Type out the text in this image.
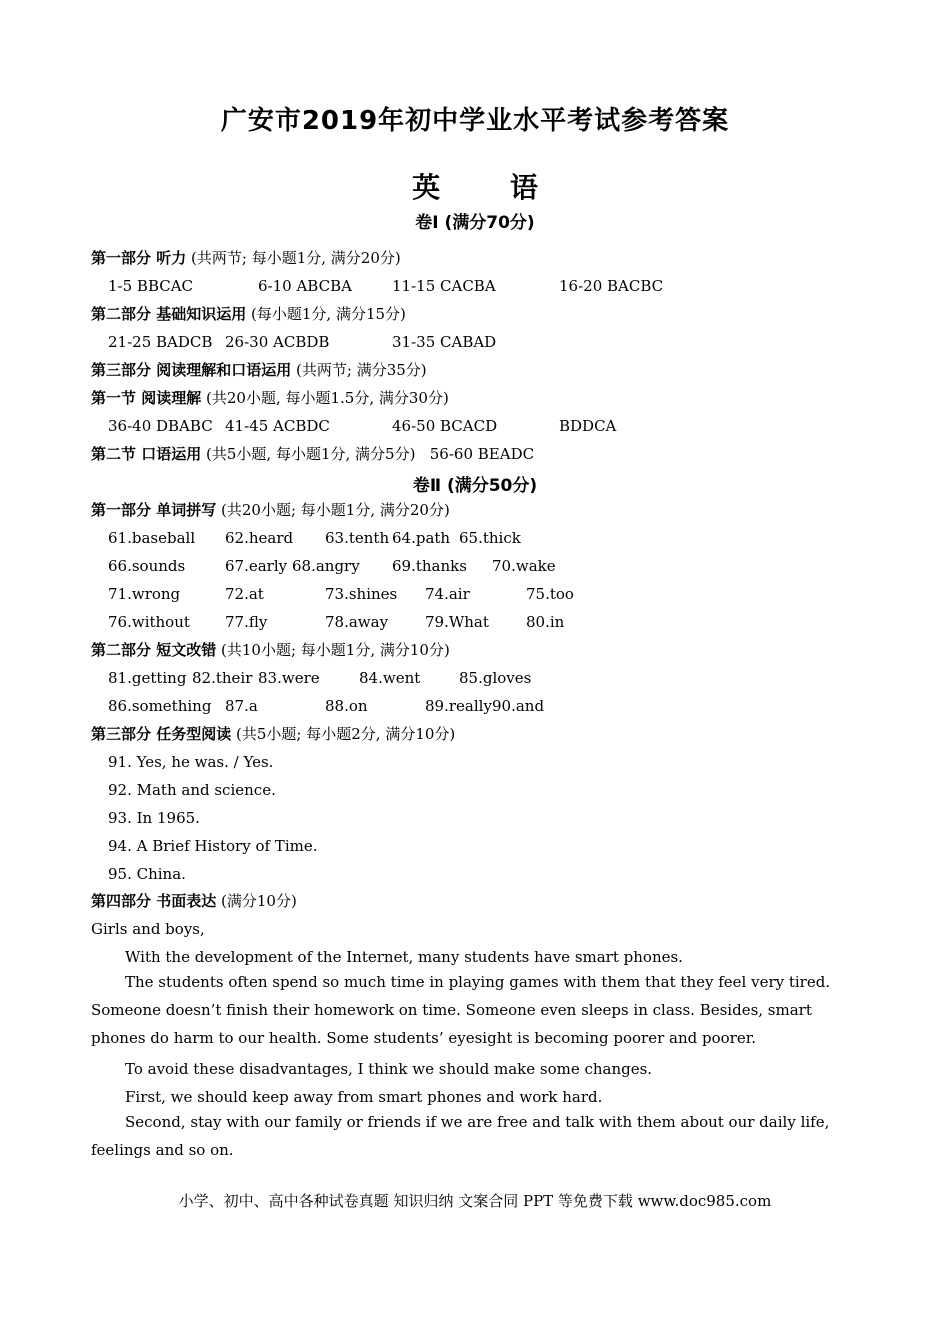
广安市2019年初中学业水平考试参考答案
英 语
卷Ⅰ (满分70分)
第一部分 听力 (共两节; 每小题1分, 满分20分)
1-5 BBCAC	6-10 ABCBA	11-15 CACBA	16-20 BACBC
第二部分 基础知识运用 (每小题1分, 满分15分)
21-25 BADCB 26-30 ACBDB	31-35 CABAD
第三部分 阅读理解和口语运用 (共两节; 满分35分)
第一节 阅读理解 (共20小题, 每小题1.5分, 满分30分)
36-40 DBABC 41-45 ACBDC	46-50 BCACD	BDDCA
第二节 口语运用 (共5小题, 每小题1分, 满分5分) 56-60 BEADC
卷Ⅱ (满分50分)
第一部分 单词拼写 (共20小题; 每小题1分, 满分20分)
61.baseball 62.heard 63.tenth 64.path 65.thick
66.sounds	67.early 68.angry 69.thanks 70.wake
71.wrong	72.at	73.shines 74.air	75.too
76.without 77.fly	78.away 79.What 80.in
第二部分 短文改错 (共10小题; 每小题1分, 满分10分)
81.getting 82.their 83.were	84.went	85.gloves
86.something 87.a	88.on	89.really 90.and
第三部分 任务型阅读 (共5小题; 每小题2分, 满分10分)
91. Yes, he was. / Yes.
92. Math and science.
93. In 1965.
94. A Brief History of Time.
95. China.
第四部分 书面表达 (满分10分)
Girls and boys,
With the development of the Internet, many students have smart phones.
The students often spend so much time in playing games with them that they feel very tired. Someone doesn’t finish their homework on time. Someone even sleeps in class. Besides, smart phones do harm to our health. Some students’ eyesight is becoming poorer and poorer.
To avoid these disadvantages, I think we should make some changes.
First, we should keep away from smart phones and work hard.
Second, stay with our family or friends if we are free and talk with them about our daily life, feelings and so on.
小学、初中、高中各种试卷真题 知识归纳 文案合同 PPT 等免费下载 www.doc985.com
